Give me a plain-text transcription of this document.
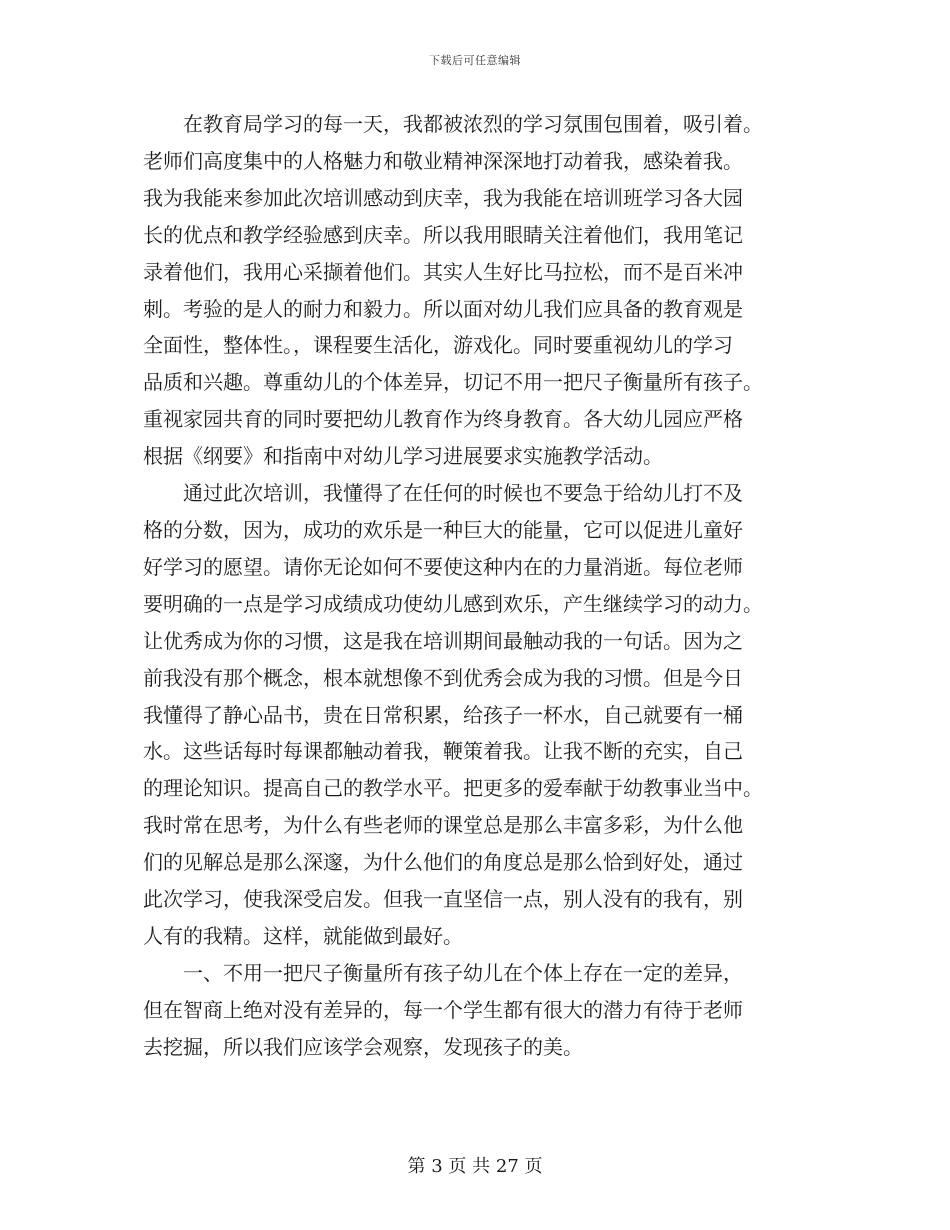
下载后可任意编辑

在教育局学习的每一天，我都被浓烈的学习氛围包围着，吸引着。
老师们高度集中的人格魅力和敬业精神深深地打动着我，感染着我。
我为我能来参加此次培训感动到庆幸，我为我能在培训班学习各大园
长的优点和教学经验感到庆幸。所以我用眼睛关注着他们，我用笔记
录着他们，我用心采撷着他们。其实人生好比马拉松，而不是百米冲
刺。考验的是人的耐力和毅力。所以面对幼儿我们应具备的教育观是
全面性，整体性。，课程要生活化，游戏化。同时要重视幼儿的学习
品质和兴趣。尊重幼儿的个体差异，切记不用一把尺子衡量所有孩子。
重视家园共育的同时要把幼儿教育作为终身教育。各大幼儿园应严格
根据《纲要》和指南中对幼儿学习进展要求实施教学活动。

通过此次培训，我懂得了在任何的时候也不要急于给幼儿打不及
格的分数，因为，成功的欢乐是一种巨大的能量，它可以促进儿童好
好学习的愿望。请你无论如何不要使这种内在的力量消逝。每位老师
要明确的一点是学习成绩成功使幼儿感到欢乐，产生继续学习的动力。
让优秀成为你的习惯，这是我在培训期间最触动我的一句话。因为之
前我没有那个概念，根本就想像不到优秀会成为我的习惯。但是今日
我懂得了静心品书，贵在日常积累，给孩子一杯水，自己就要有一桶
水。这些话每时每课都触动着我，鞭策着我。让我不断的充实，自己
的理论知识。提高自己的教学水平。把更多的爱奉献于幼教事业当中。
我时常在思考，为什么有些老师的课堂总是那么丰富多彩，为什么他
们的见解总是那么深邃，为什么他们的角度总是那么恰到好处，通过
此次学习，使我深受启发。但我一直坚信一点，别人没有的我有，别
人有的我精。这样，就能做到最好。

一、不用一把尺子衡量所有孩子幼儿在个体上存在一定的差异，
但在智商上绝对没有差异的，每一个学生都有很大的潜力有待于老师
去挖掘，所以我们应该学会观察，发现孩子的美。

第 3 页 共 27 页
